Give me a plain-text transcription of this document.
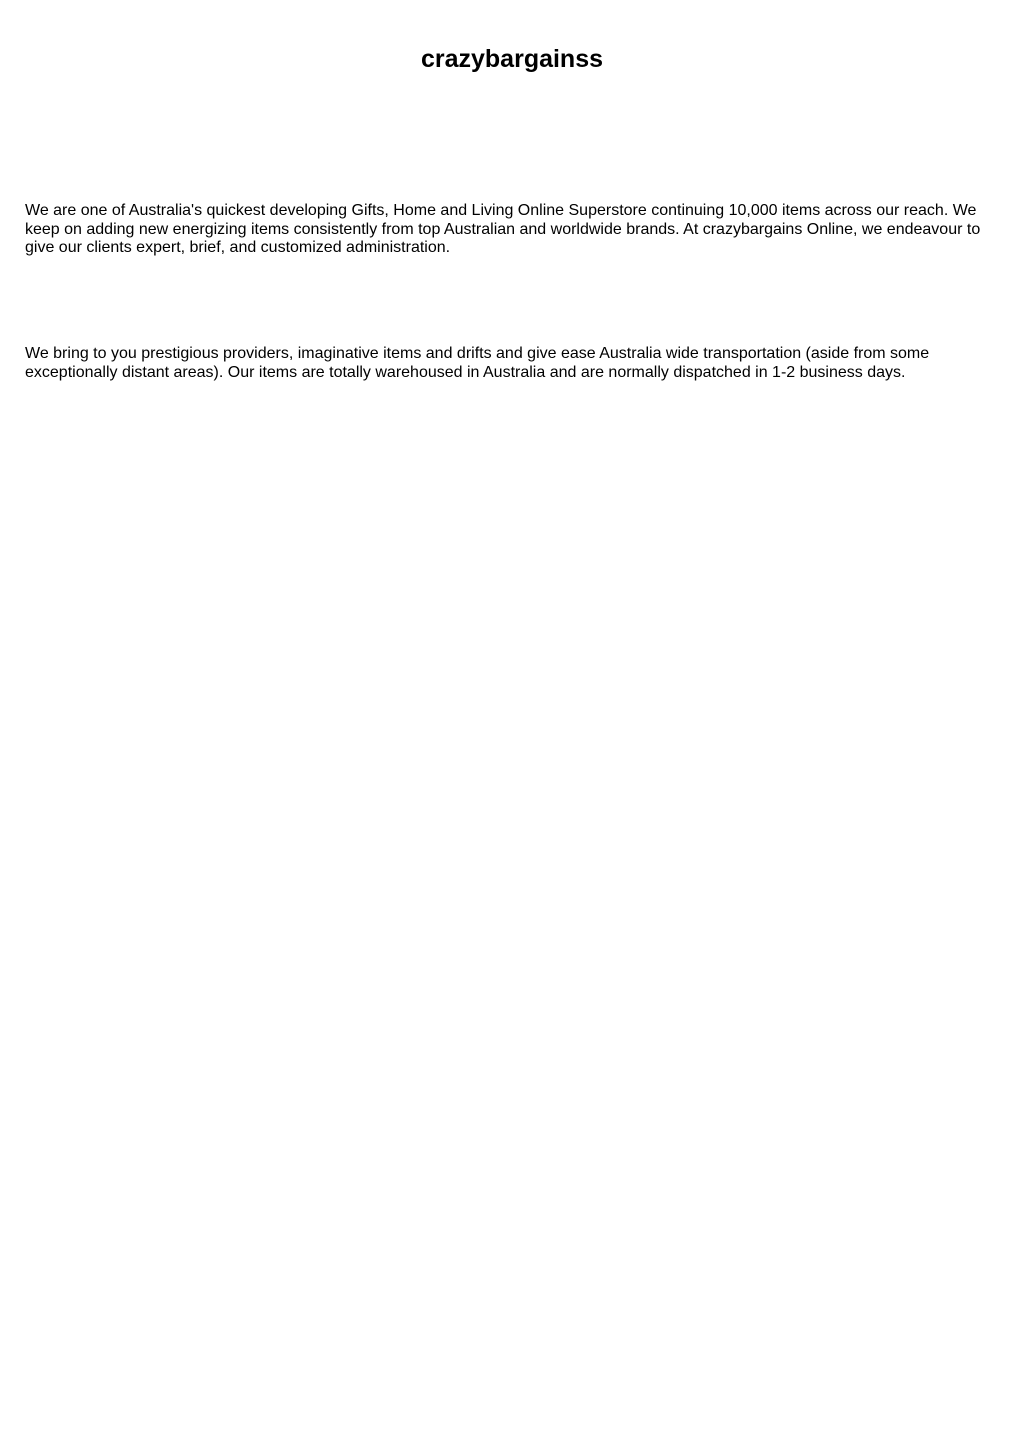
crazybargainss

We are one of Australia's quickest developing Gifts, Home and Living Online Superstore continuing 10,000 items across our reach. We keep on adding new energizing items consistently from top Australian and worldwide brands. At crazybargains Online, we endeavour to give our clients expert, brief, and customized administration.

We bring to you prestigious providers, imaginative items and drifts and give ease Australia wide transportation (aside from some exceptionally distant areas). Our items are totally warehoused in Australia and are normally dispatched in 1-2 business days.
